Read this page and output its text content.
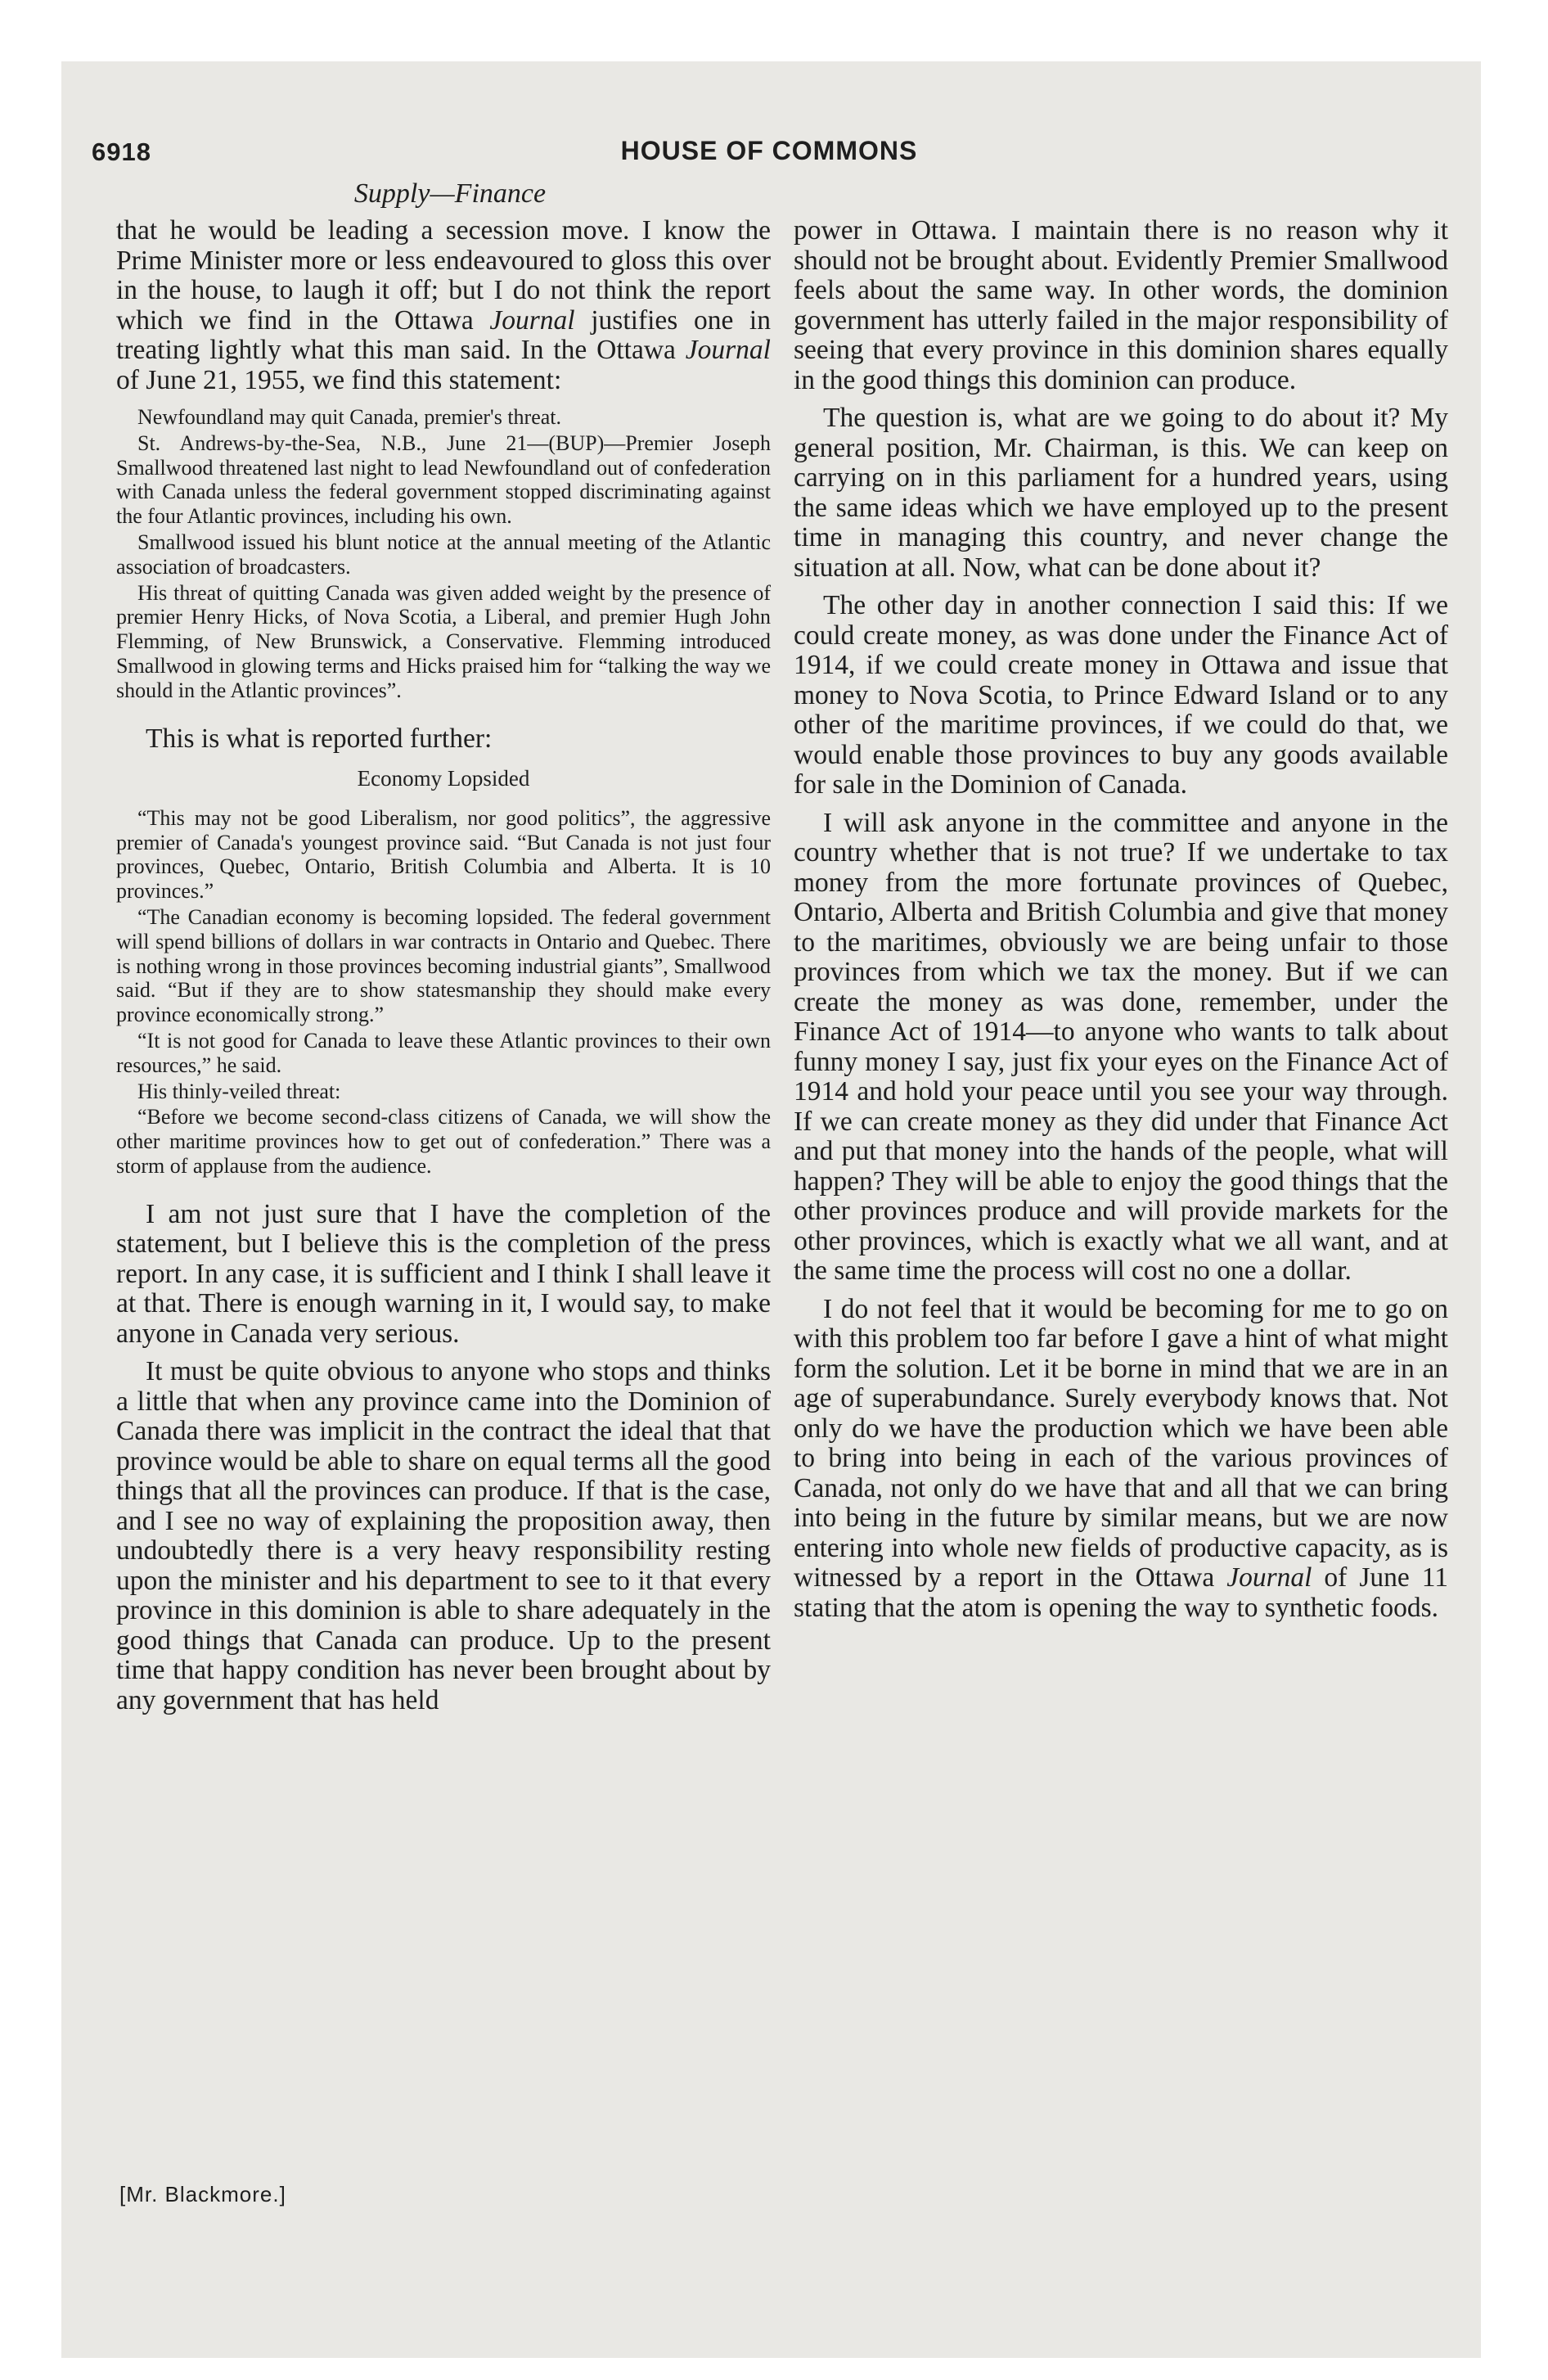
6918	HOUSE OF COMMONS
Supply—Finance

that he would be leading a secession move. I know the Prime Minister more or less endeavoured to gloss this over in the house, to laugh it off; but I do not think the report which we find in the Ottawa Journal justifies one in treating lightly what this man said. In the Ottawa Journal of June 21, 1955, we find this statement:

Newfoundland may quit Canada, premier's threat.

St. Andrews-by-the-Sea, N.B., June 21—(BUP)—Premier Joseph Smallwood threatened last night to lead Newfoundland out of confederation with Canada unless the federal government stopped discriminating against the four Atlantic provinces, including his own.

Smallwood issued his blunt notice at the annual meeting of the Atlantic association of broadcasters.

His threat of quitting Canada was given added weight by the presence of premier Henry Hicks, of Nova Scotia, a Liberal, and premier Hugh John Flemming, of New Brunswick, a Conservative. Flemming introduced Smallwood in glowing terms and Hicks praised him for “talking the way we should in the Atlantic provinces”.

This is what is reported further:

Economy Lopsided

“This may not be good Liberalism, nor good politics”, the aggressive premier of Canada's youngest province said. “But Canada is not just four provinces, Quebec, Ontario, British Columbia and Alberta. It is 10 provinces.”

“The Canadian economy is becoming lopsided. The federal government will spend billions of dollars in war contracts in Ontario and Quebec. There is nothing wrong in those provinces becoming industrial giants”, Smallwood said. “But if they are to show statesmanship they should make every province economically strong.”

“It is not good for Canada to leave these Atlantic provinces to their own resources,” he said.

His thinly-veiled threat:

“Before we become second-class citizens of Canada, we will show the other maritime provinces how to get out of confederation.” There was a storm of applause from the audience.

I am not just sure that I have the completion of the statement, but I believe this is the completion of the press report. In any case, it is sufficient and I think I shall leave it at that. There is enough warning in it, I would say, to make anyone in Canada very serious.

It must be quite obvious to anyone who stops and thinks a little that when any province came into the Dominion of Canada there was implicit in the contract the ideal that that province would be able to share on equal terms all the good things that all the provinces can produce. If that is the case, and I see no way of explaining the proposition away, then undoubtedly there is a very heavy responsibility resting upon the minister and his department to see to it that every province in this dominion is able to share adequately in the good things that Canada can produce. Up to the present time that happy condition has never been brought about by any government that has held

power in Ottawa. I maintain there is no reason why it should not be brought about. Evidently Premier Smallwood feels about the same way. In other words, the dominion government has utterly failed in the major responsibility of seeing that every province in this dominion shares equally in the good things this dominion can produce.

The question is, what are we going to do about it? My general position, Mr. Chairman, is this. We can keep on carrying on in this parliament for a hundred years, using the same ideas which we have employed up to the present time in managing this country, and never change the situation at all. Now, what can be done about it?

The other day in another connection I said this: If we could create money, as was done under the Finance Act of 1914, if we could create money in Ottawa and issue that money to Nova Scotia, to Prince Edward Island or to any other of the maritime provinces, if we could do that, we would enable those provinces to buy any goods available for sale in the Dominion of Canada.

I will ask anyone in the committee and anyone in the country whether that is not true? If we undertake to tax money from the more fortunate provinces of Quebec, Ontario, Alberta and British Columbia and give that money to the maritimes, obviously we are being unfair to those provinces from which we tax the money. But if we can create the money as was done, remember, under the Finance Act of 1914—to anyone who wants to talk about funny money I say, just fix your eyes on the Finance Act of 1914 and hold your peace until you see your way through. If we can create money as they did under that Finance Act and put that money into the hands of the people, what will happen? They will be able to enjoy the good things that the other provinces produce and will provide markets for the other provinces, which is exactly what we all want, and at the same time the process will cost no one a dollar.

I do not feel that it would be becoming for me to go on with this problem too far before I gave a hint of what might form the solution. Let it be borne in mind that we are in an age of superabundance. Surely everybody knows that. Not only do we have the production which we have been able to bring into being in each of the various provinces of Canada, not only do we have that and all that we can bring into being in the future by similar means, but we are now entering into whole new fields of productive capacity, as is witnessed by a report in the Ottawa Journal of June 11 stating that the atom is opening the way to synthetic foods.

[Mr. Blackmore.]
